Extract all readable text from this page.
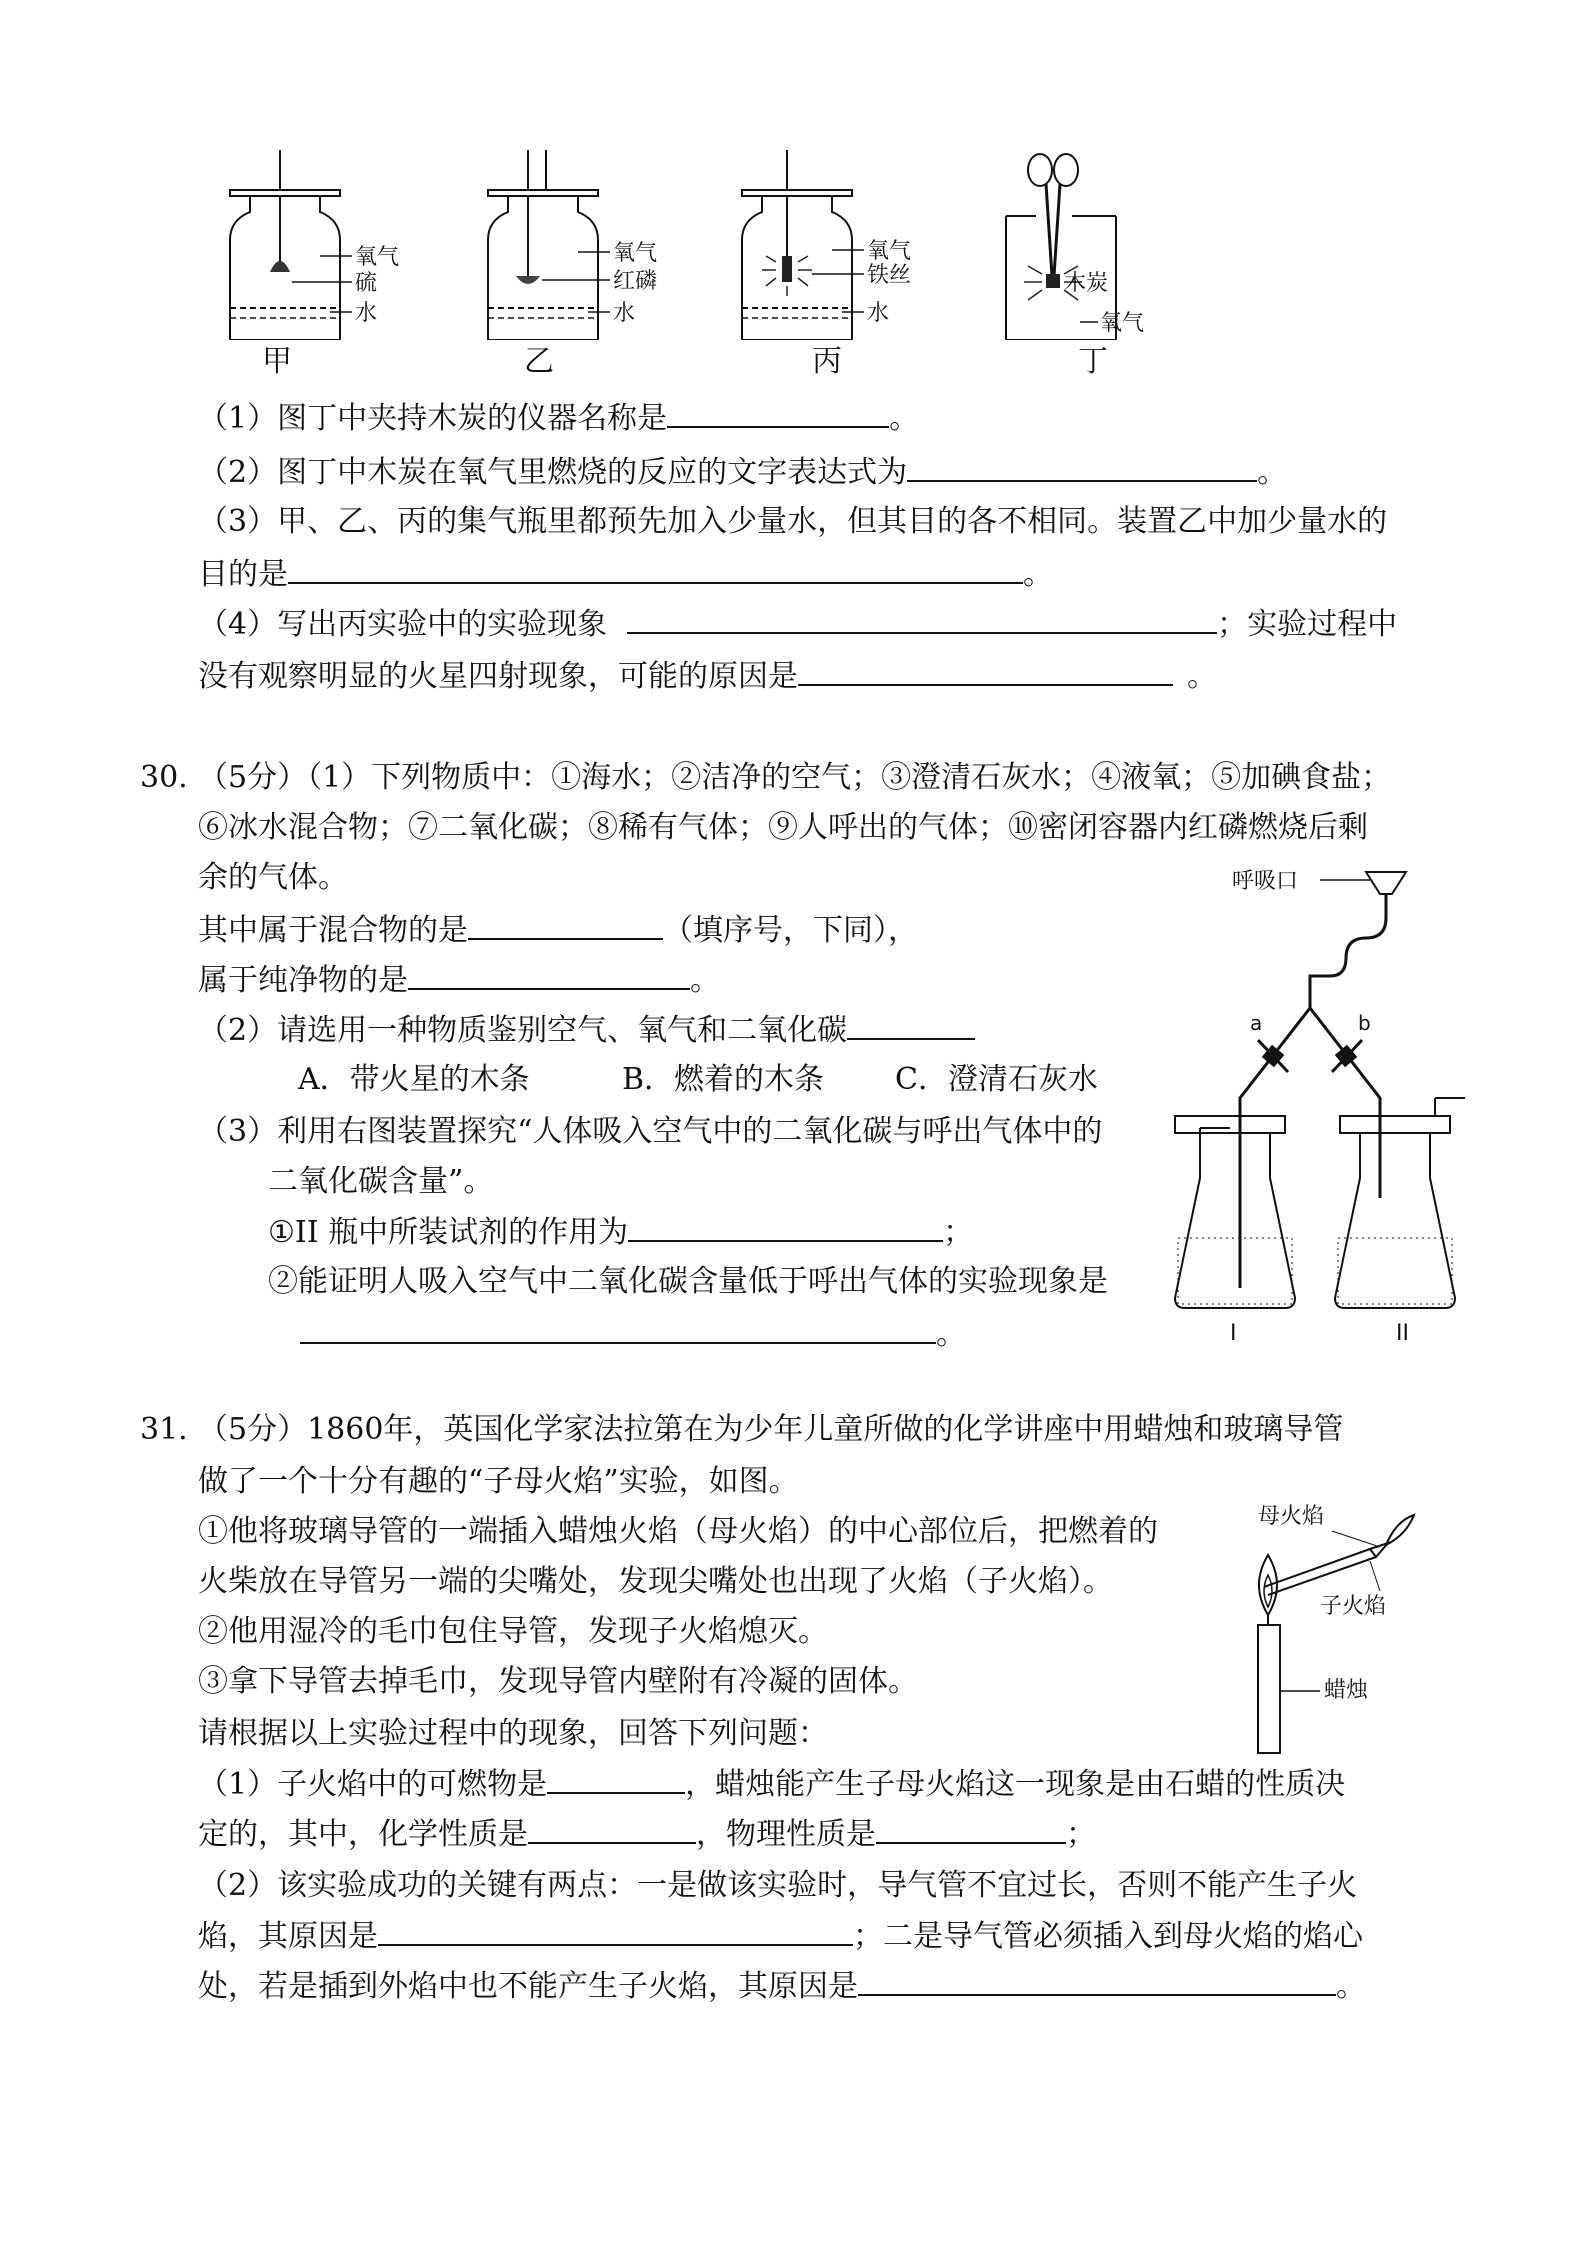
氧气
硫
水
甲
氧气
红磷
水
乙
氧气
铁丝
水
丙
木炭
氧气
丁
（1）图丁中夹持木炭的仪器名称是	。
（2）图丁中木炭在氧气里燃烧的反应的文字表达式为	。
（3）甲、乙、丙的集气瓶里都预先加入少量水，但其目的各不相同。装置乙中加少量水的
目的是	。
（4）写出丙实验中的实验现象	；实验过程中
没有观察明显的火星四射现象，可能的原因是	。
30. （5分）（1）下列物质中：①海水；②洁净的空气；③澄清石灰水；④液氧；⑤加碘食盐；
⑥冰水混合物；⑦二氧化碳；⑧稀有气体；⑨人呼出的气体；⑩密闭容器内红磷燃烧后剩
余的气体。
其中属于混合物的是	（填序号，下同），
属于纯净物的是	。
（2）请选用一种物质鉴别空气、氧气和二氧化碳
A．带火星的木条	B．燃着的木条 C．澄清石灰水
（3）利用右图装置探究“人体吸入空气中的二氧化碳与呼出气体中的
二氧化碳含量”。
①II 瓶中所装试剂的作用为	；
②能证明人吸入空气中二氧化碳含量低于呼出气体的实验现象是
。
呼吸口
a	b
I	II
31. （5分）1860年，英国化学家法拉第在为少年儿童所做的化学讲座中用蜡烛和玻璃导管
做了一个十分有趣的“子母火焰”实验，如图。
①他将玻璃导管的一端插入蜡烛火焰（母火焰）的中心部位后，把燃着的
火柴放在导管另一端的尖嘴处，发现尖嘴处也出现了火焰（子火焰）。
②他用湿冷的毛巾包住导管，发现子火焰熄灭。
③拿下导管去掉毛巾，发现导管内壁附有冷凝的固体。
请根据以上实验过程中的现象，回答下列问题：
（1）子火焰中的可燃物是	，蜡烛能产生子母火焰这一现象是由石蜡的性质决
定的，其中，化学性质是	，物理性质是	；
（2）该实验成功的关键有两点：一是做该实验时，导气管不宜过长，否则不能产生子火
焰，其原因是	；二是导气管必须插入到母火焰的焰心
处，若是插到外焰中也不能产生子火焰，其原因是	。
母火焰
子火焰
蜡烛
